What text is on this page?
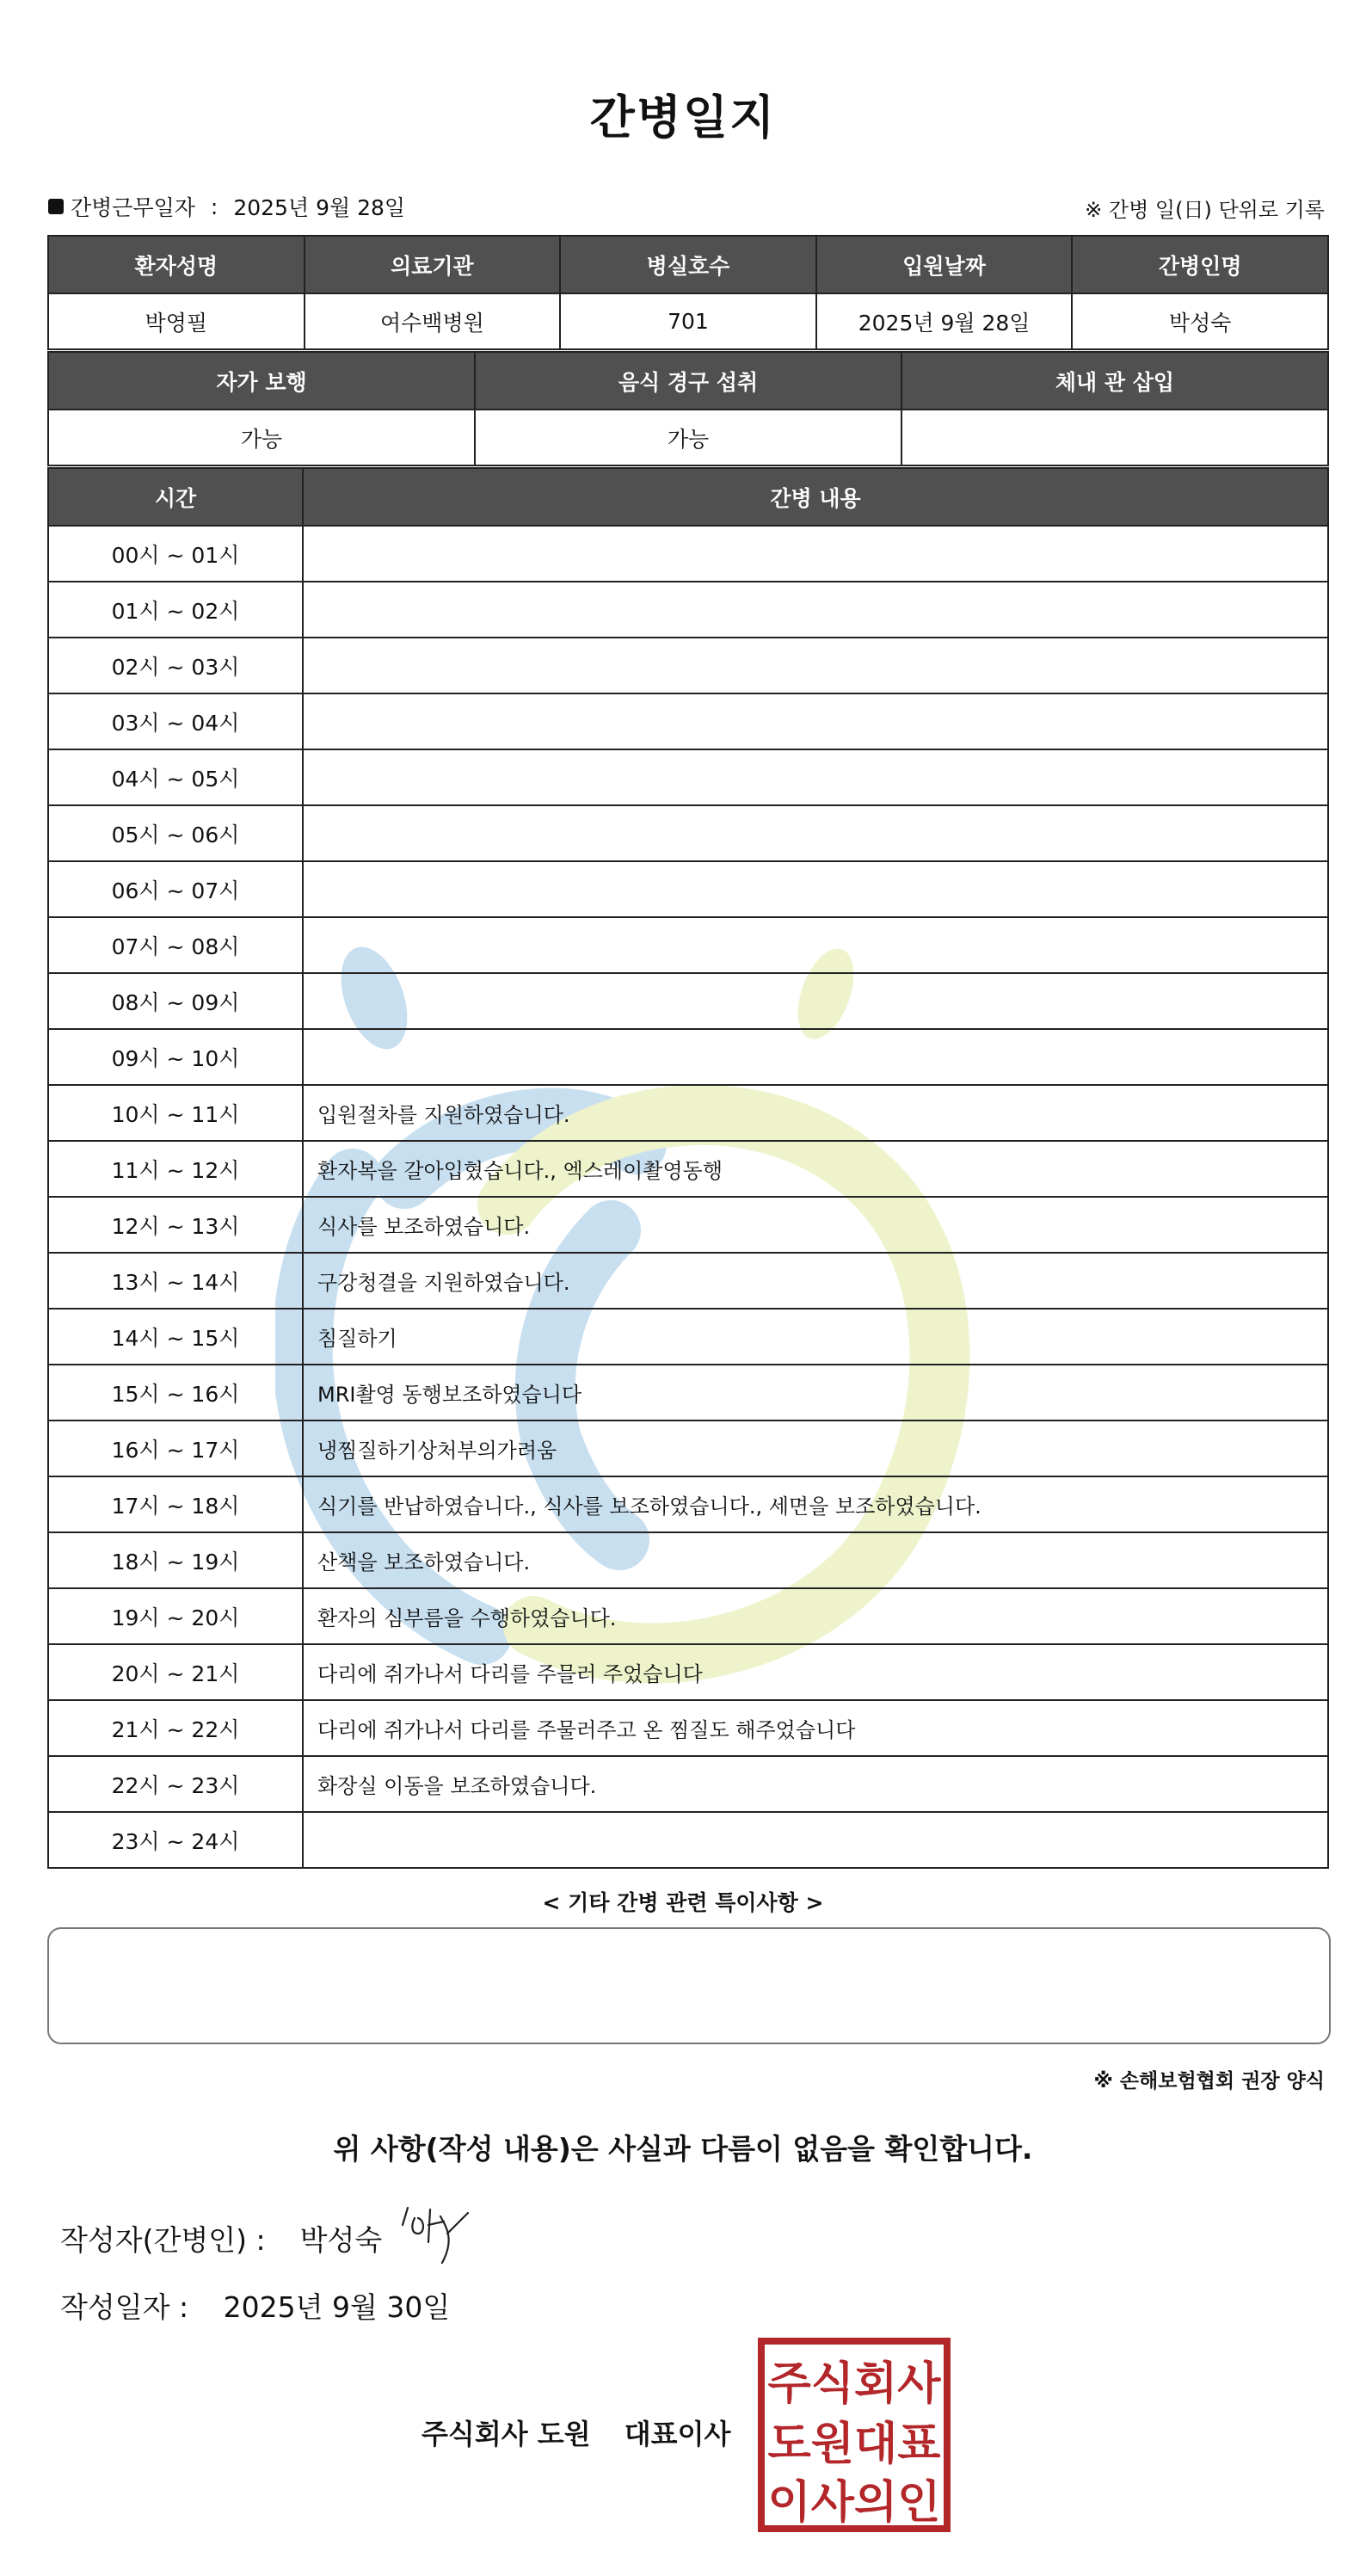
간병일지
간병근무일자 : 2025년 9월 28일	※ 간병 일(日) 단위로 기록
환자성명	의료기관	병실호수	입원날짜	간병인명
박영필	여수백병원	701	2025년 9월 28일	박성숙
자가 보행	음식 경구 섭취	체내 관 삽입
가능	가능	
시간	간병 내용
00시 ~ 01시	
01시 ~ 02시	
02시 ~ 03시	
03시 ~ 04시	
04시 ~ 05시	
05시 ~ 06시	
06시 ~ 07시	
07시 ~ 08시	
08시 ~ 09시	
09시 ~ 10시	
10시 ~ 11시	입원절차를 지원하였습니다.
11시 ~ 12시	환자복을 갈아입혔습니다., 엑스레이촬영동행
12시 ~ 13시	식사를 보조하였습니다.
13시 ~ 14시	구강청결을 지원하였습니다.
14시 ~ 15시	침질하기
15시 ~ 16시	MRI촬영 동행보조하였습니다
16시 ~ 17시	냉찜질하기상처부의가려움
17시 ~ 18시	식기를 반납하였습니다., 식사를 보조하였습니다., 세면을 보조하였습니다.
18시 ~ 19시	산책을 보조하였습니다.
19시 ~ 20시	환자의 심부름을 수행하였습니다.
20시 ~ 21시	다리에 쥐가나서 다리를 주믈러 주었습니다
21시 ~ 22시	다리에 쥐가나서 다리를 주물러주고 온 찜질도 해주었습니다
22시 ~ 23시	화장실 이동을 보조하였습니다.
23시 ~ 24시	
< 기타 간병 관련 특이사항 >
※ 손해보험협회 권장 양식
위 사항(작성 내용)은 사실과 다름이 없음을 확인합니다.
작성자(간병인) : 박성숙
작성일자 : 2025년 9월 30일
주식회사 도원 대표이사
주식회사
도원대표
이사의인
